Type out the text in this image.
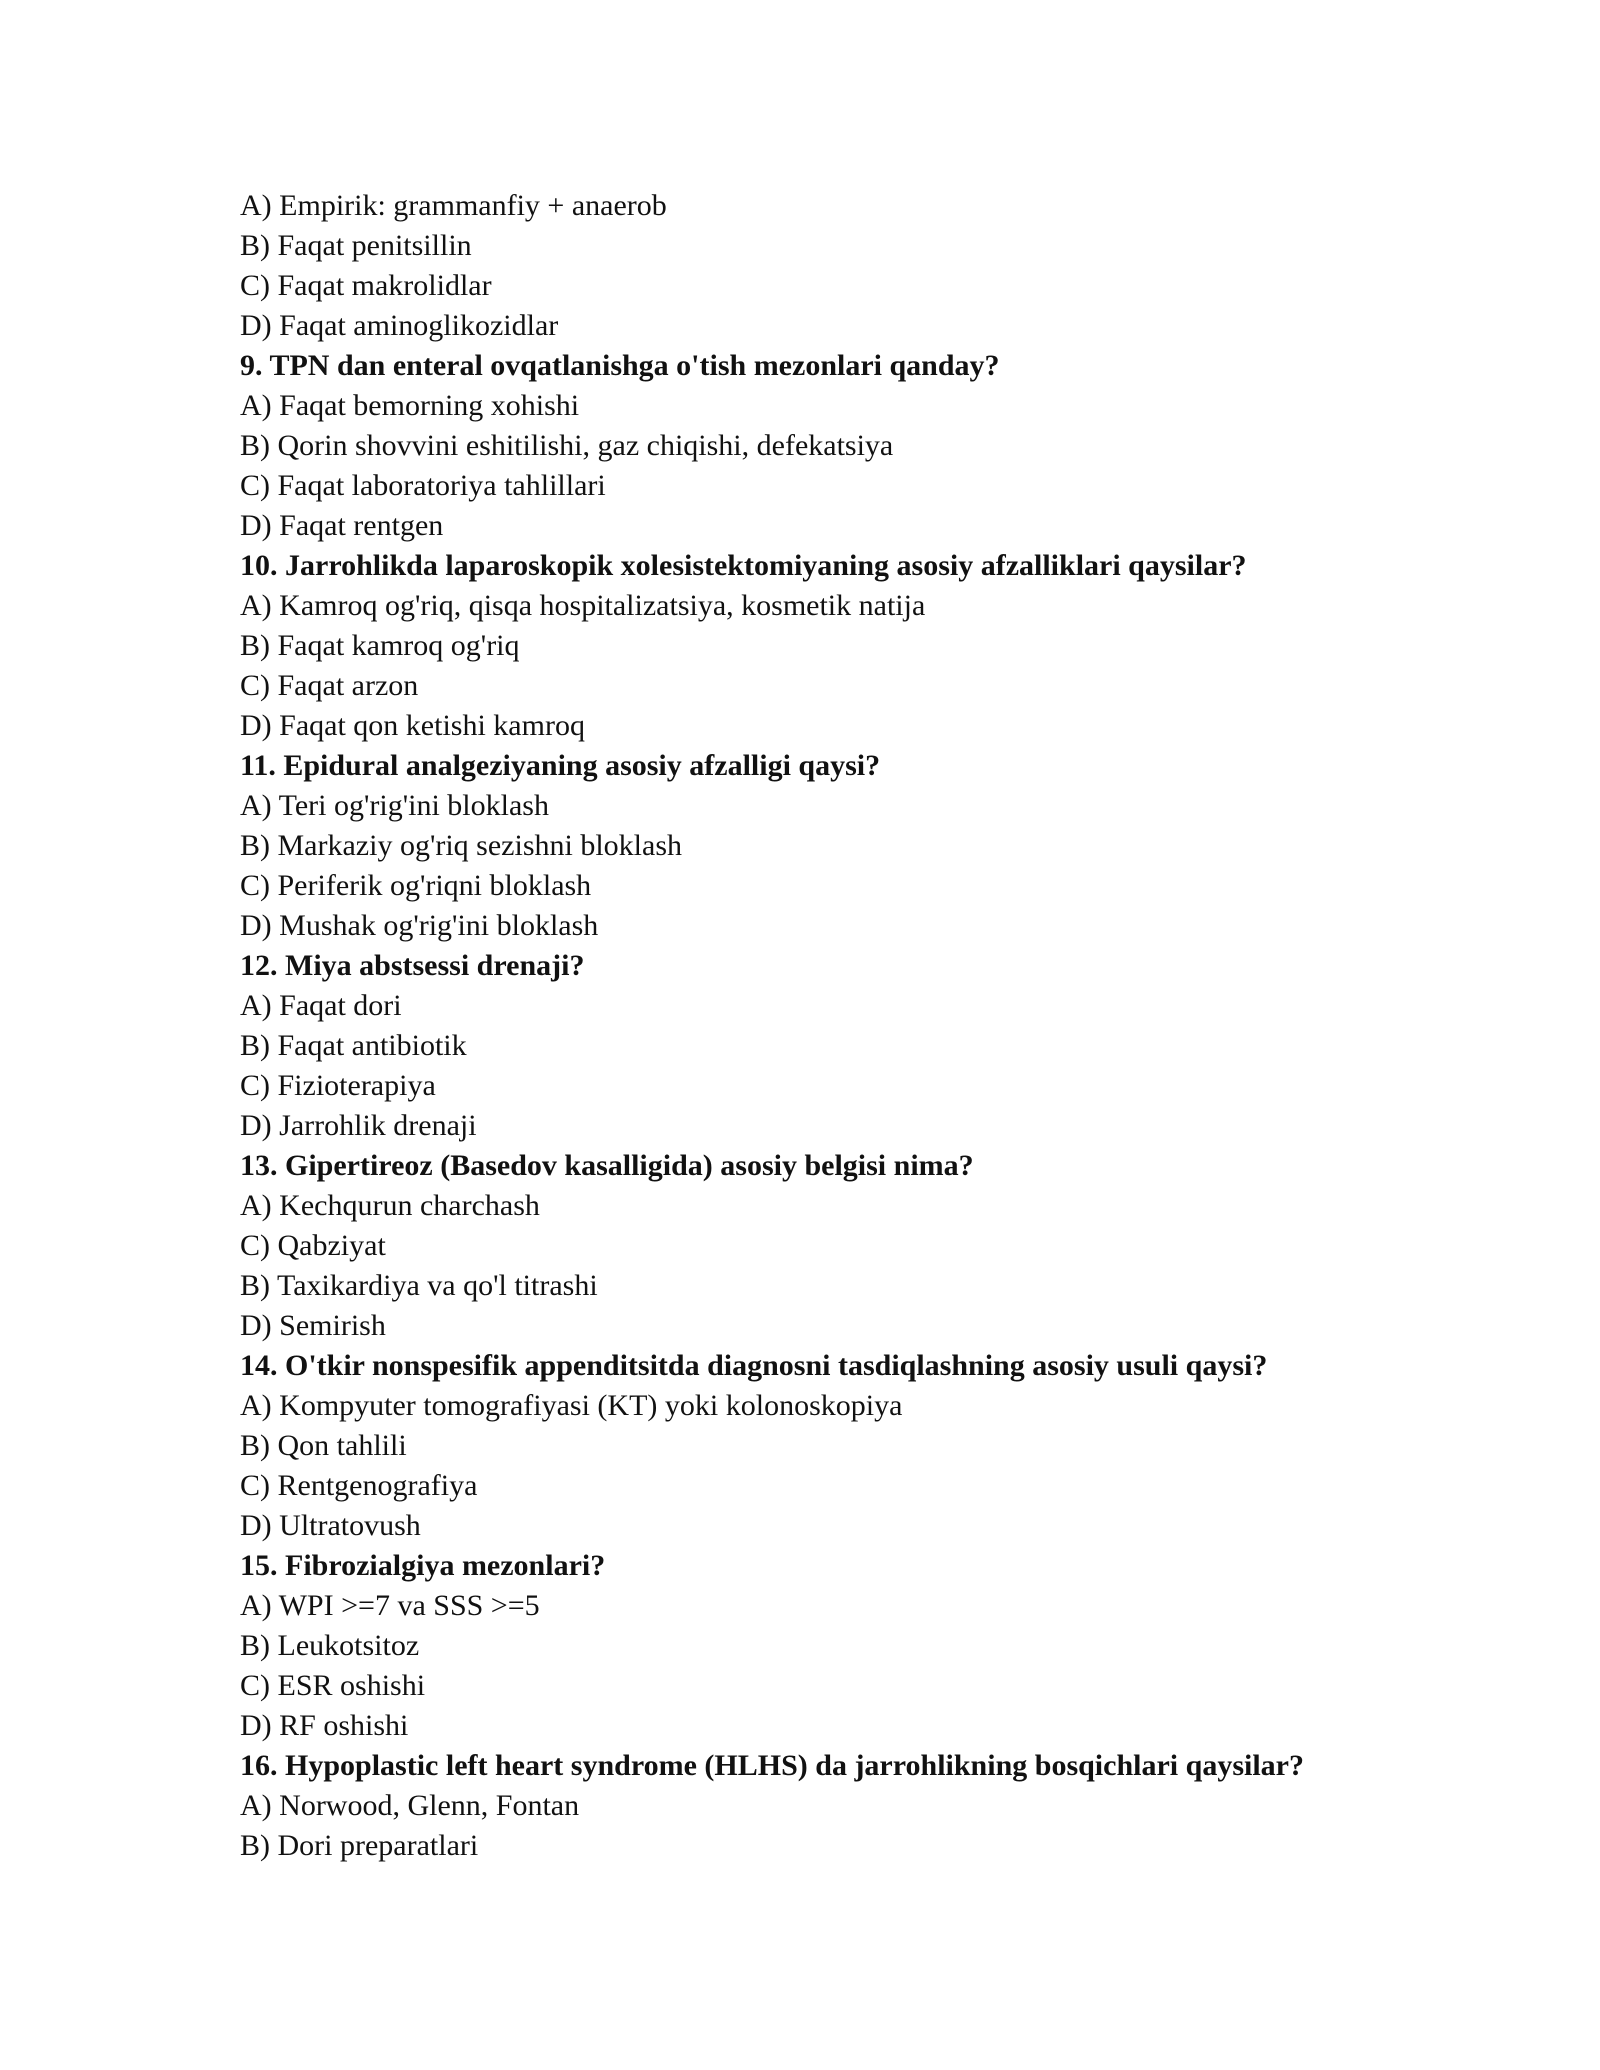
A) Empirik: grammanfiy + anaerob
B) Faqat penitsillin
C) Faqat makrolidlar
D) Faqat aminoglikozidlar
9. TPN dan enteral ovqatlanishga o'tish mezonlari qanday?
A) Faqat bemorning xohishi
B) Qorin shovvini eshitilishi, gaz chiqishi, defekatsiya
C) Faqat laboratoriya tahlillari
D) Faqat rentgen
10. Jarrohlikda laparoskopik xolesistektomiyaning asosiy afzalliklari qaysilar?
A) Kamroq og'riq, qisqa hospitalizatsiya, kosmetik natija
B) Faqat kamroq og'riq
C) Faqat arzon
D) Faqat qon ketishi kamroq
11. Epidural analgeziyaning asosiy afzalligi qaysi?
A) Teri og'rig'ini bloklash
B) Markaziy og'riq sezishni bloklash
C) Periferik og'riqni bloklash
D) Mushak og'rig'ini bloklash
12. Miya abstsessi drenaji?
A) Faqat dori
B) Faqat antibiotik
C) Fizioterapiya
D) Jarrohlik drenaji
13. Gipertireoz (Basedov kasalligida) asosiy belgisi nima?
A) Kechqurun charchash
C) Qabziyat
B) Taxikardiya va qo'l titrashi
D) Semirish
14. O'tkir nonspesifik appenditsitda diagnosni tasdiqlashning asosiy usuli qaysi?
A) Kompyuter tomografiyasi (KT) yoki kolonoskopiya
B) Qon tahlili
C) Rentgenografiya
D) Ultratovush
15. Fibrozialgiya mezonlari?
A) WPI >=7 va SSS >=5
B) Leukotsitoz
C) ESR oshishi
D) RF oshishi
16. Hypoplastic left heart syndrome (HLHS) da jarrohlikning bosqichlari qaysilar?
A) Norwood, Glenn, Fontan
B) Dori preparatlari
